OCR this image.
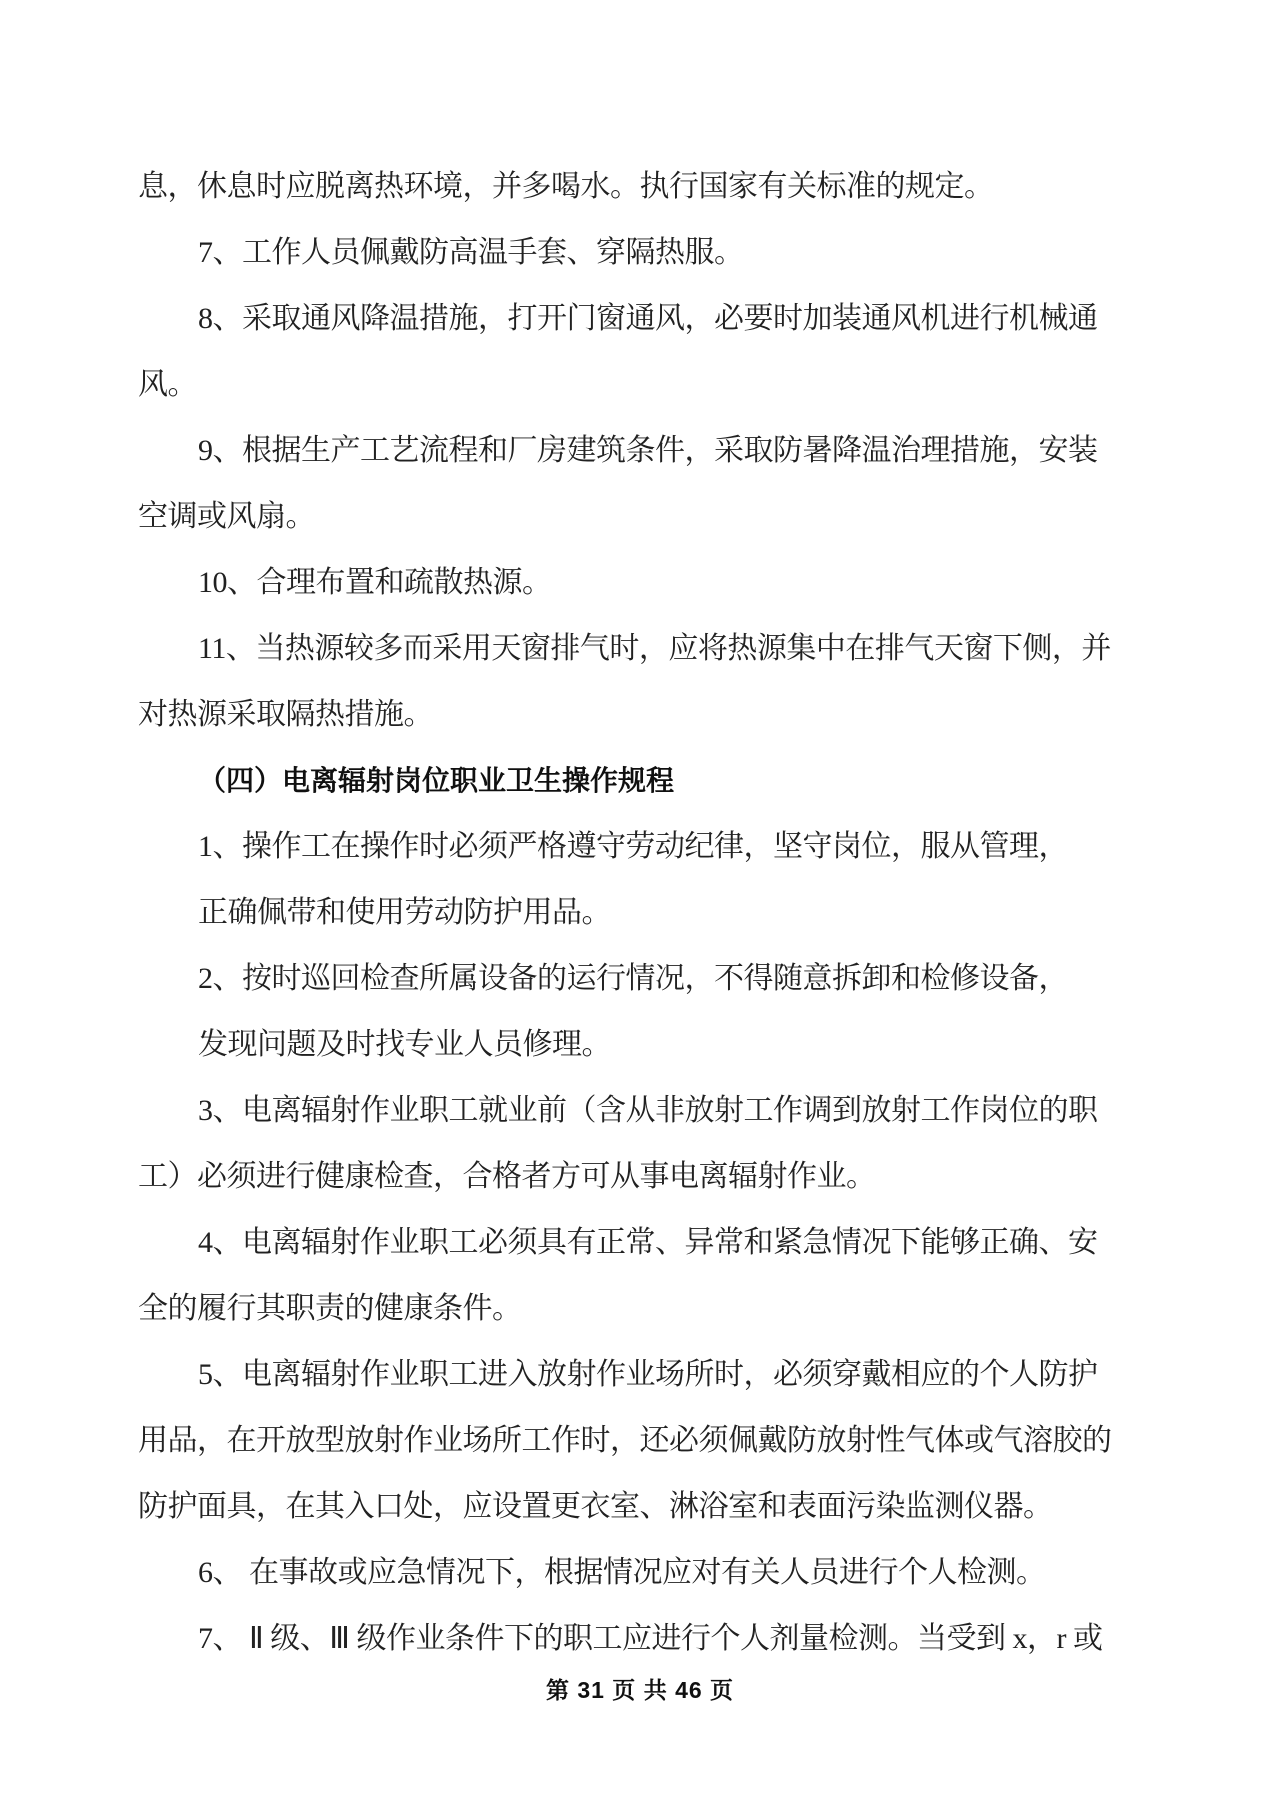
息，休息时应脱离热环境，并多喝水。执行国家有关标准的规定。
7、工作人员佩戴防高温手套、穿隔热服。
8、采取通风降温措施，打开门窗通风，必要时加装通风机进行机械通
风。
9、根据生产工艺流程和厂房建筑条件，采取防暑降温治理措施，安装
空调或风扇。
10、合理布置和疏散热源。
11、当热源较多而采用天窗排气时，应将热源集中在排气天窗下侧，并
对热源采取隔热措施。
（四）电离辐射岗位职业卫生操作规程
1、操作工在操作时必须严格遵守劳动纪律，坚守岗位，服从管理，
正确佩带和使用劳动防护用品。
2、按时巡回检查所属设备的运行情况，不得随意拆卸和检修设备，
发现问题及时找专业人员修理。
3、电离辐射作业职工就业前（含从非放射工作调到放射工作岗位的职
工）必须进行健康检查，合格者方可从事电离辐射作业。
4、电离辐射作业职工必须具有正常、异常和紧急情况下能够正确、安
全的履行其职责的健康条件。
5、电离辐射作业职工进入放射作业场所时，必须穿戴相应的个人防护
用品，在开放型放射作业场所工作时，还必须佩戴防放射性气体或气溶胶的
防护面具，在其入口处，应设置更衣室、淋浴室和表面污染监测仪器。
6、 在事故或应急情况下，根据情况应对有关人员进行个人检测。
7、 Ⅱ 级、Ⅲ 级作业条件下的职工应进行个人剂量检测。当受到 x，r 或
第 31 页 共 46 页
